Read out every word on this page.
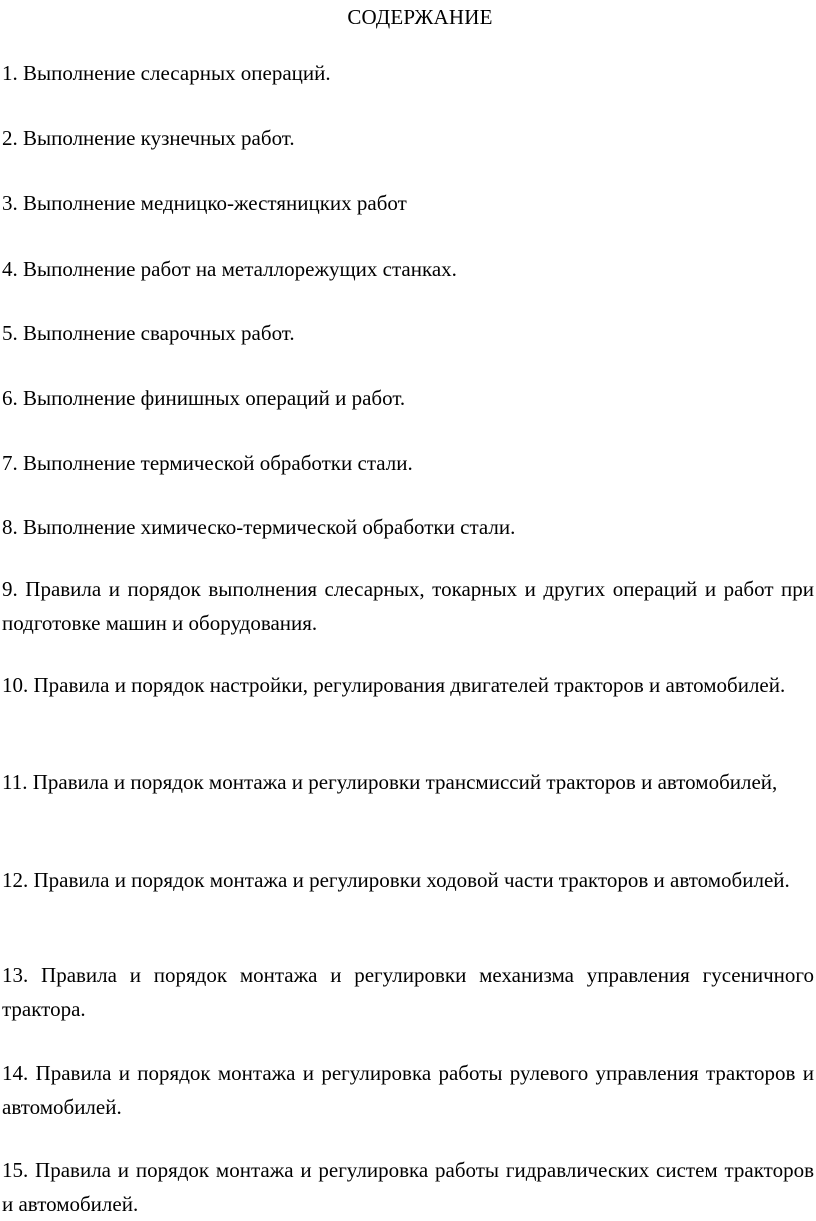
СОДЕРЖАНИЕ
1. Выполнение слесарных операций.
2. Выполнение кузнечных работ.
3. Выполнение медницко-жестяницких работ
4. Выполнение работ на металлорежущих станках.
5. Выполнение сварочных работ.
6. Выполнение финишных операций и работ.
7. Выполнение термической обработки стали.
8. Выполнение химическо-термической обработки стали.
9. Правила и порядок выполнения слесарных, токарных и других операций и работ при подготовке машин и оборудования.
10. Правила и порядок настройки, регулирования двигателей тракторов и автомобилей.
11. Правила и порядок монтажа и регулировки трансмиссий тракторов и автомобилей,
12. Правила и порядок монтажа и регулировки ходовой части тракторов и автомобилей.
13. Правила и порядок монтажа и регулировки механизма управления гусеничного трактора.
14. Правила и порядок монтажа и регулировка работы рулевого управления тракторов и автомобилей.
15. Правила и порядок монтажа и регулировка работы гидравлических систем тракторов и автомобилей.
